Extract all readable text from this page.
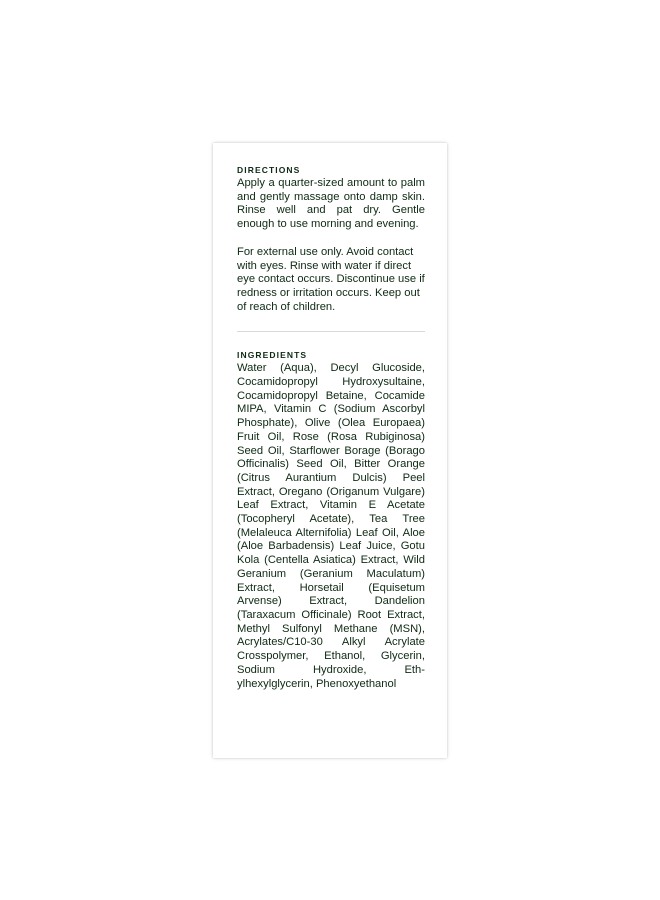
DIRECTIONS

Apply a quarter-sized amount to palm and gently massage onto damp skin. Rinse well and pat dry. Gentle enough to use morning and evening.

For external use only. Avoid contact with eyes. Rinse with water if direct eye contact occurs. Discontinue use if redness or irritation occurs. Keep out of reach of children.

INGREDIENTS

Water (Aqua), Decyl Glucoside, Cocamidopropyl Hydroxysultaine, Cocamidopropyl Betaine, Cocamide MIPA, Vitamin C (Sodium Ascorbyl Phosphate), Olive (Olea Europaea) Fruit Oil, Rose (Rosa Rubiginosa) Seed Oil, Starflower Borage (Borago Officinalis) Seed Oil, Bitter Orange (Citrus Aurantium Dulcis) Peel Extract, Oregano (Origanum Vulgare) Leaf Extract, Vitamin E Acetate (Tocopheryl Acetate), Tea Tree (Melaleuca Alternifolia) Leaf Oil, Aloe (Aloe Barbadensis) Leaf Juice, Gotu Kola (Centella Asiatica) Extract, Wild Geranium (Geranium Maculatum) Extract, Horsetail (Equisetum Arvense) Extract, Dandelion (Taraxacum Officinale) Root Extract, Methyl Sulfonyl Methane (MSN), Acrylates/C10-30 Alkyl Acrylate Crosspolymer, Ethanol, Glycerin, Sodium Hydroxide, Ethylhexylglycerin, Phenoxyethanol
